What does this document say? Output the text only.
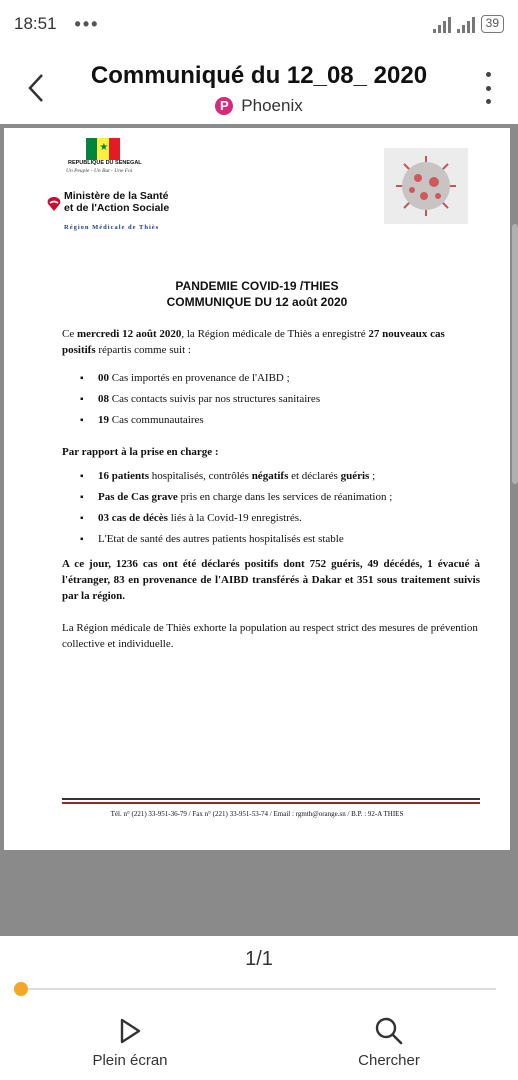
18:51 •••	39
Communiqué du 12_08_ 2020
P Phoenix
★
REPUBLIQUE DU SENEGAL
Un Peuple - Un But - Une Foi
Ministère de la Santé
et de l'Action Sociale
Région Médicale de Thiès
PANDEMIE COVID-19 /THIES
COMMUNIQUE DU 12 août 2020

Ce mercredi 12 août 2020, la Région médicale de Thiès a enregistré 27 nouveaux cas positifs répartis comme suit :

▪ 00 Cas importés en provenance de l'AIBD ;
▪ 08 Cas contacts suivis par nos structures sanitaires
▪ 19 Cas communautaires

Par rapport à la prise en charge :

▪ 16 patients hospitalisés, contrôlés négatifs et déclarés guéris ;
▪ Pas de Cas grave pris en charge dans les services de réanimation ;
▪ 03 cas de décès liés à la Covid-19 enregistrés.
▪ L'Etat de santé des autres patients hospitalisés est stable

A ce jour, 1236 cas ont été déclarés positifs dont 752 guéris, 49 décédés, 1 évacué à l'étranger, 83 en provenance de l'AIBD transférés à Dakar et 351 sous traitement suivis par la région.

La Région médicale de Thiès exhorte la population au respect strict des mesures de prévention collective et individuelle.

Tél. n° (221) 33-951-36-79 / Fax n° (221) 33-951-53-74 / Email : rgmth@orange.sn / B.P. : 92-A THIES
1/1
Plein écran	Chercher
